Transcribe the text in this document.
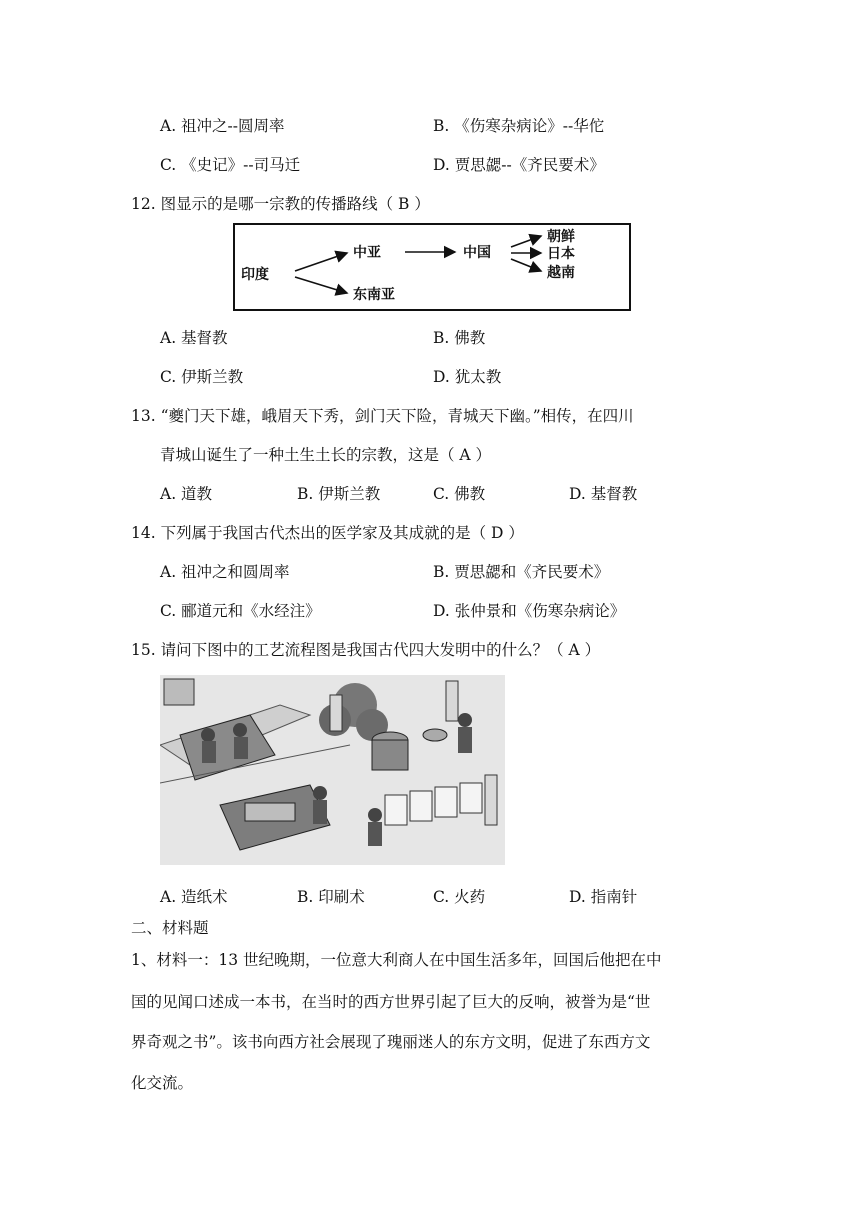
A. 祖冲之--圆周率	B. 《伤寒杂病论》--华佗
C. 《史记》--司马迁	D. 贾思勰--《齐民要术》
12. 图显示的是哪一宗教的传播路线（ B ）
印度
中亚
东南亚
中国
朝鲜
日本
越南
A. 基督教	B. 佛教
C. 伊斯兰教	D. 犹太教
13. “夔门天下雄，峨眉天下秀，剑门天下险，青城天下幽。”相传，在四川
青城山诞生了一种土生土长的宗教，这是（ A ）
A. 道教	B. 伊斯兰教	C. 佛教	D. 基督教
14. 下列属于我国古代杰出的医学家及其成就的是（ D ）
A. 祖冲之和圆周率	B. 贾思勰和《齐民要术》
C. 郦道元和《水经注》	D. 张仲景和《伤寒杂病论》
15. 请问下图中的工艺流程图是我国古代四大发明中的什么？（ A ）
A. 造纸术	B. 印刷术	C. 火药	D. 指南针
二、材料题
1、材料一：13 世纪晚期，一位意大利商人在中国生活多年，回国后他把在中
国的见闻口述成一本书，在当时的西方世界引起了巨大的反响，被誉为是“世
界奇观之书”。该书向西方社会展现了瑰丽迷人的东方文明，促进了东西方文
化交流。
